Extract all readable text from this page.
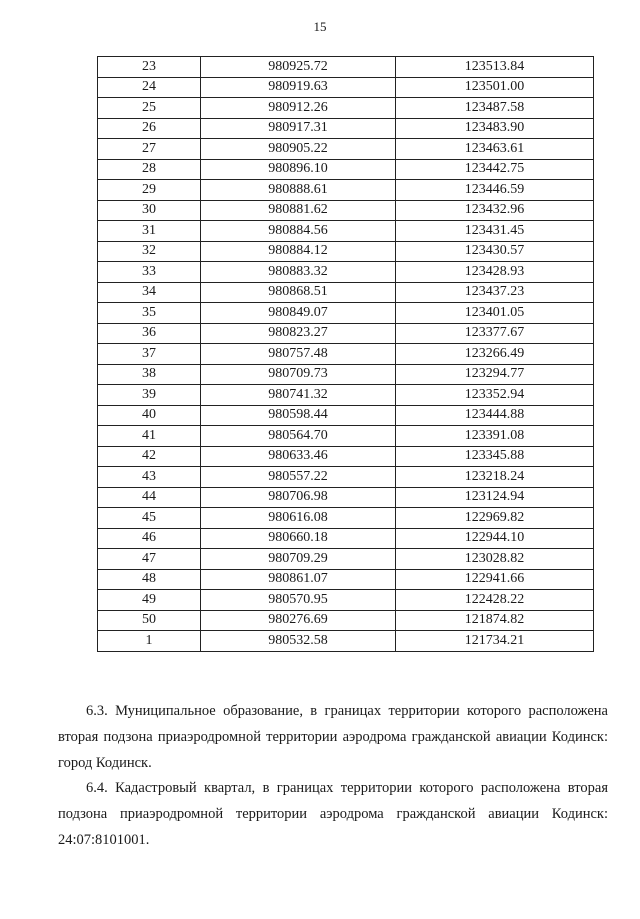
15
23	980925.72	123513.84
24	980919.63	123501.00
25	980912.26	123487.58
26	980917.31	123483.90
27	980905.22	123463.61
28	980896.10	123442.75
29	980888.61	123446.59
30	980881.62	123432.96
31	980884.56	123431.45
32	980884.12	123430.57
33	980883.32	123428.93
34	980868.51	123437.23
35	980849.07	123401.05
36	980823.27	123377.67
37	980757.48	123266.49
38	980709.73	123294.77
39	980741.32	123352.94
40	980598.44	123444.88
41	980564.70	123391.08
42	980633.46	123345.88
43	980557.22	123218.24
44	980706.98	123124.94
45	980616.08	122969.82
46	980660.18	122944.10
47	980709.29	123028.82
48	980861.07	122941.66
49	980570.95	122428.22
50	980276.69	121874.82
1	980532.58	121734.21

6.3. Муниципальное образование, в границах территории которого расположена вторая подзона приаэродромной территории аэродрома гражданской авиации Кодинск: город Кодинск.

6.4. Кадастровый квартал, в границах территории которого расположена вторая подзона приаэродромной территории аэродрома гражданской авиации Кодинск: 24:07:8101001.
